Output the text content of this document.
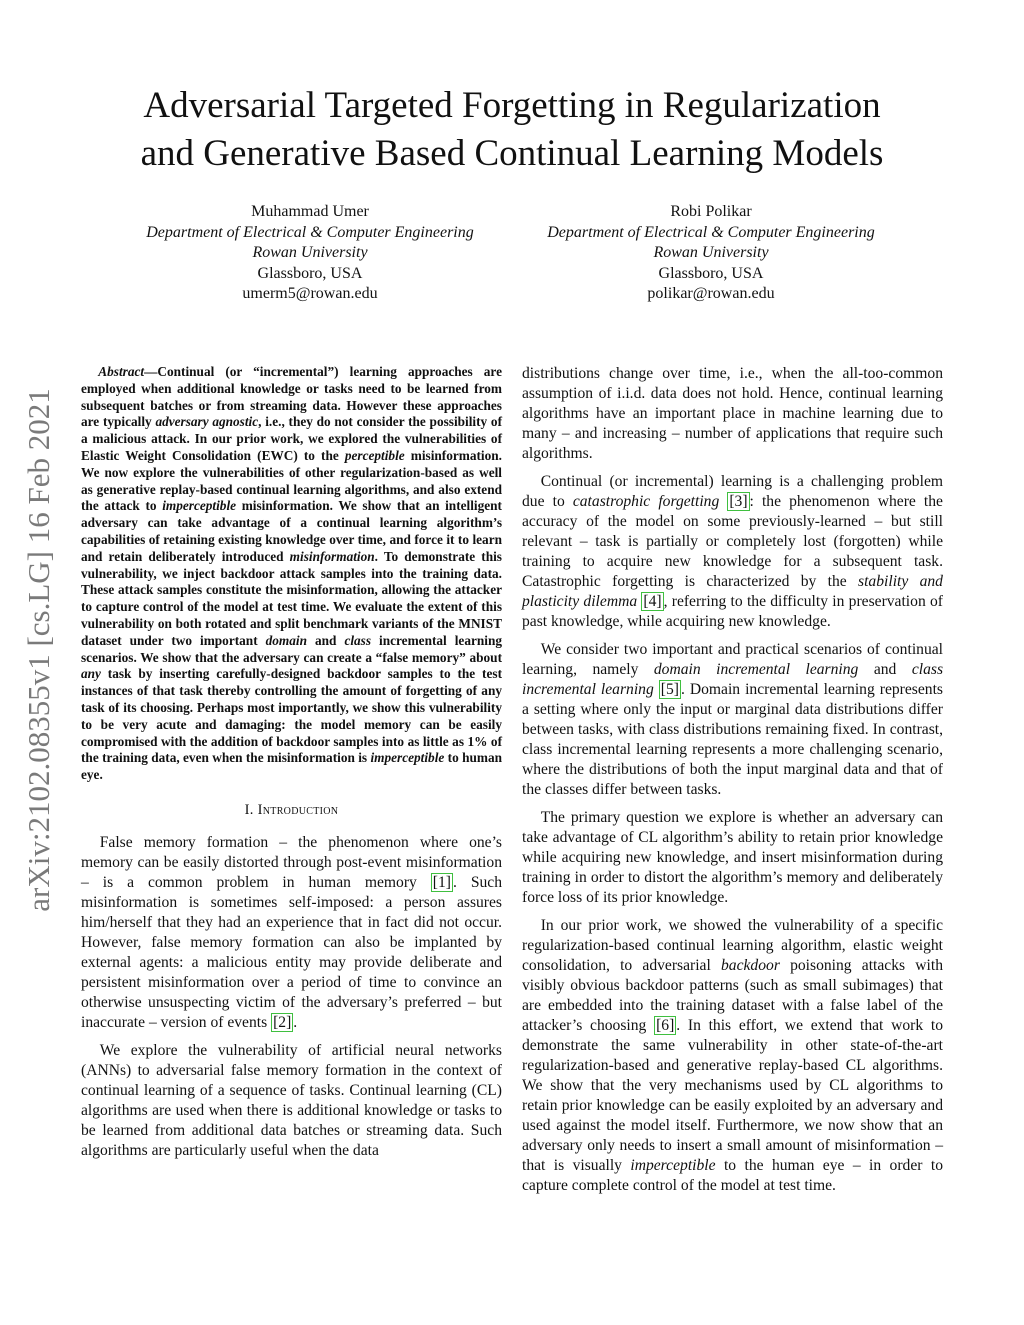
arXiv:2102.08355v1 [cs.LG] 16 Feb 2021
Adversarial Targeted Forgetting in Regularization
and Generative Based Continual Learning Models
Muhammad Umer
Department of Electrical & Computer Engineering
Rowan University
Glassboro, USA
umerm5@rowan.edu
Robi Polikar
Department of Electrical & Computer Engineering
Rowan University
Glassboro, USA
polikar@rowan.edu

Abstract—Continual (or “incremental”) learning approaches are employed when additional knowledge or tasks need to be learned from subsequent batches or from streaming data. However these approaches are typically adversary agnostic, i.e., they do not consider the possibility of a malicious attack. In our prior work, we explored the vulnerabilities of Elastic Weight Consolidation (EWC) to the perceptible misinformation. We now explore the vulnerabilities of other regularization-based as well as generative replay-based continual learning algorithms, and also extend the attack to imperceptible misinformation. We show that an intelligent adversary can take advantage of a continual learning algorithm’s capabilities of retaining existing knowledge over time, and force it to learn and retain deliberately introduced misinformation. To demonstrate this vulnerability, we inject backdoor attack samples into the training data. These attack samples constitute the misinformation, allowing the attacker to capture control of the model at test time. We evaluate the extent of this vulnerability on both rotated and split benchmark variants of the MNIST dataset under two important domain and class incremental learning scenarios. We show that the adversary can create a “false memory” about any task by inserting carefully-designed backdoor samples to the test instances of that task thereby controlling the amount of forgetting of any task of its choosing. Perhaps most importantly, we show this vulnerability to be very acute and damaging: the model memory can be easily compromised with the addition of backdoor samples into as little as 1% of the training data, even when the misinformation is imperceptible to human eye.

I. Introduction

False memory formation – the phenomenon where one’s memory can be easily distorted through post-event misinformation – is a common problem in human memory [1] . Such misinformation is sometimes self-imposed: a person assures him/herself that they had an experience that in fact did not occur. However, false memory formation can also be implanted by external agents: a malicious entity may provide deliberate and persistent misinformation over a period of time to convince an otherwise unsuspecting victim of the adversary’s preferred – but inaccurate – version of events [2] .

We explore the vulnerability of artificial neural networks (ANNs) to adversarial false memory formation in the context of continual learning of a sequence of tasks. Continual learning (CL) algorithms are used when there is additional knowledge or tasks to be learned from additional data batches or streaming data. Such algorithms are particularly useful when the data

distributions change over time, i.e., when the all-too-common assumption of i.i.d. data does not hold. Hence, continual learning algorithms have an important place in machine learning due to many – and increasing – number of applications that require such algorithms.

Continual (or incremental) learning is a challenging problem due to catastrophic forgetting [3] : the phenomenon where the accuracy of the model on some previously-learned – but still relevant – task is partially or completely lost (forgotten) while training to acquire new knowledge for a subsequent task. Catastrophic forgetting is characterized by the stability and plasticity dilemma [4] , referring to the difficulty in preservation of past knowledge, while acquiring new knowledge.

We consider two important and practical scenarios of continual learning, namely domain incremental learning and class incremental learning [5] . Domain incremental learning represents a setting where only the input or marginal data distributions differ between tasks, with class distributions remaining fixed. In contrast, class incremental learning represents a more challenging scenario, where the distributions of both the input marginal data and that of the classes differ between tasks.

The primary question we explore is whether an adversary can take advantage of CL algorithm’s ability to retain prior knowledge while acquiring new knowledge, and insert misinformation during training in order to distort the algorithm’s memory and deliberately force loss of its prior knowledge.

In our prior work, we showed the vulnerability of a specific regularization-based continual learning algorithm, elastic weight consolidation, to adversarial backdoor poisoning attacks with visibly obvious backdoor patterns (such as small subimages) that are embedded into the training dataset with a false label of the attacker’s choosing [6] . In this effort, we extend that work to demonstrate the same vulnerability in other state-of-the-art regularization-based and generative replay-based CL algorithms. We show that the very mechanisms used by CL algorithms to retain prior knowledge can be easily exploited by an adversary and used against the model itself. Furthermore, we now show that an adversary only needs to insert a small amount of misinformation – that is visually imperceptible to the human eye – in order to capture complete control of the model at test time.
